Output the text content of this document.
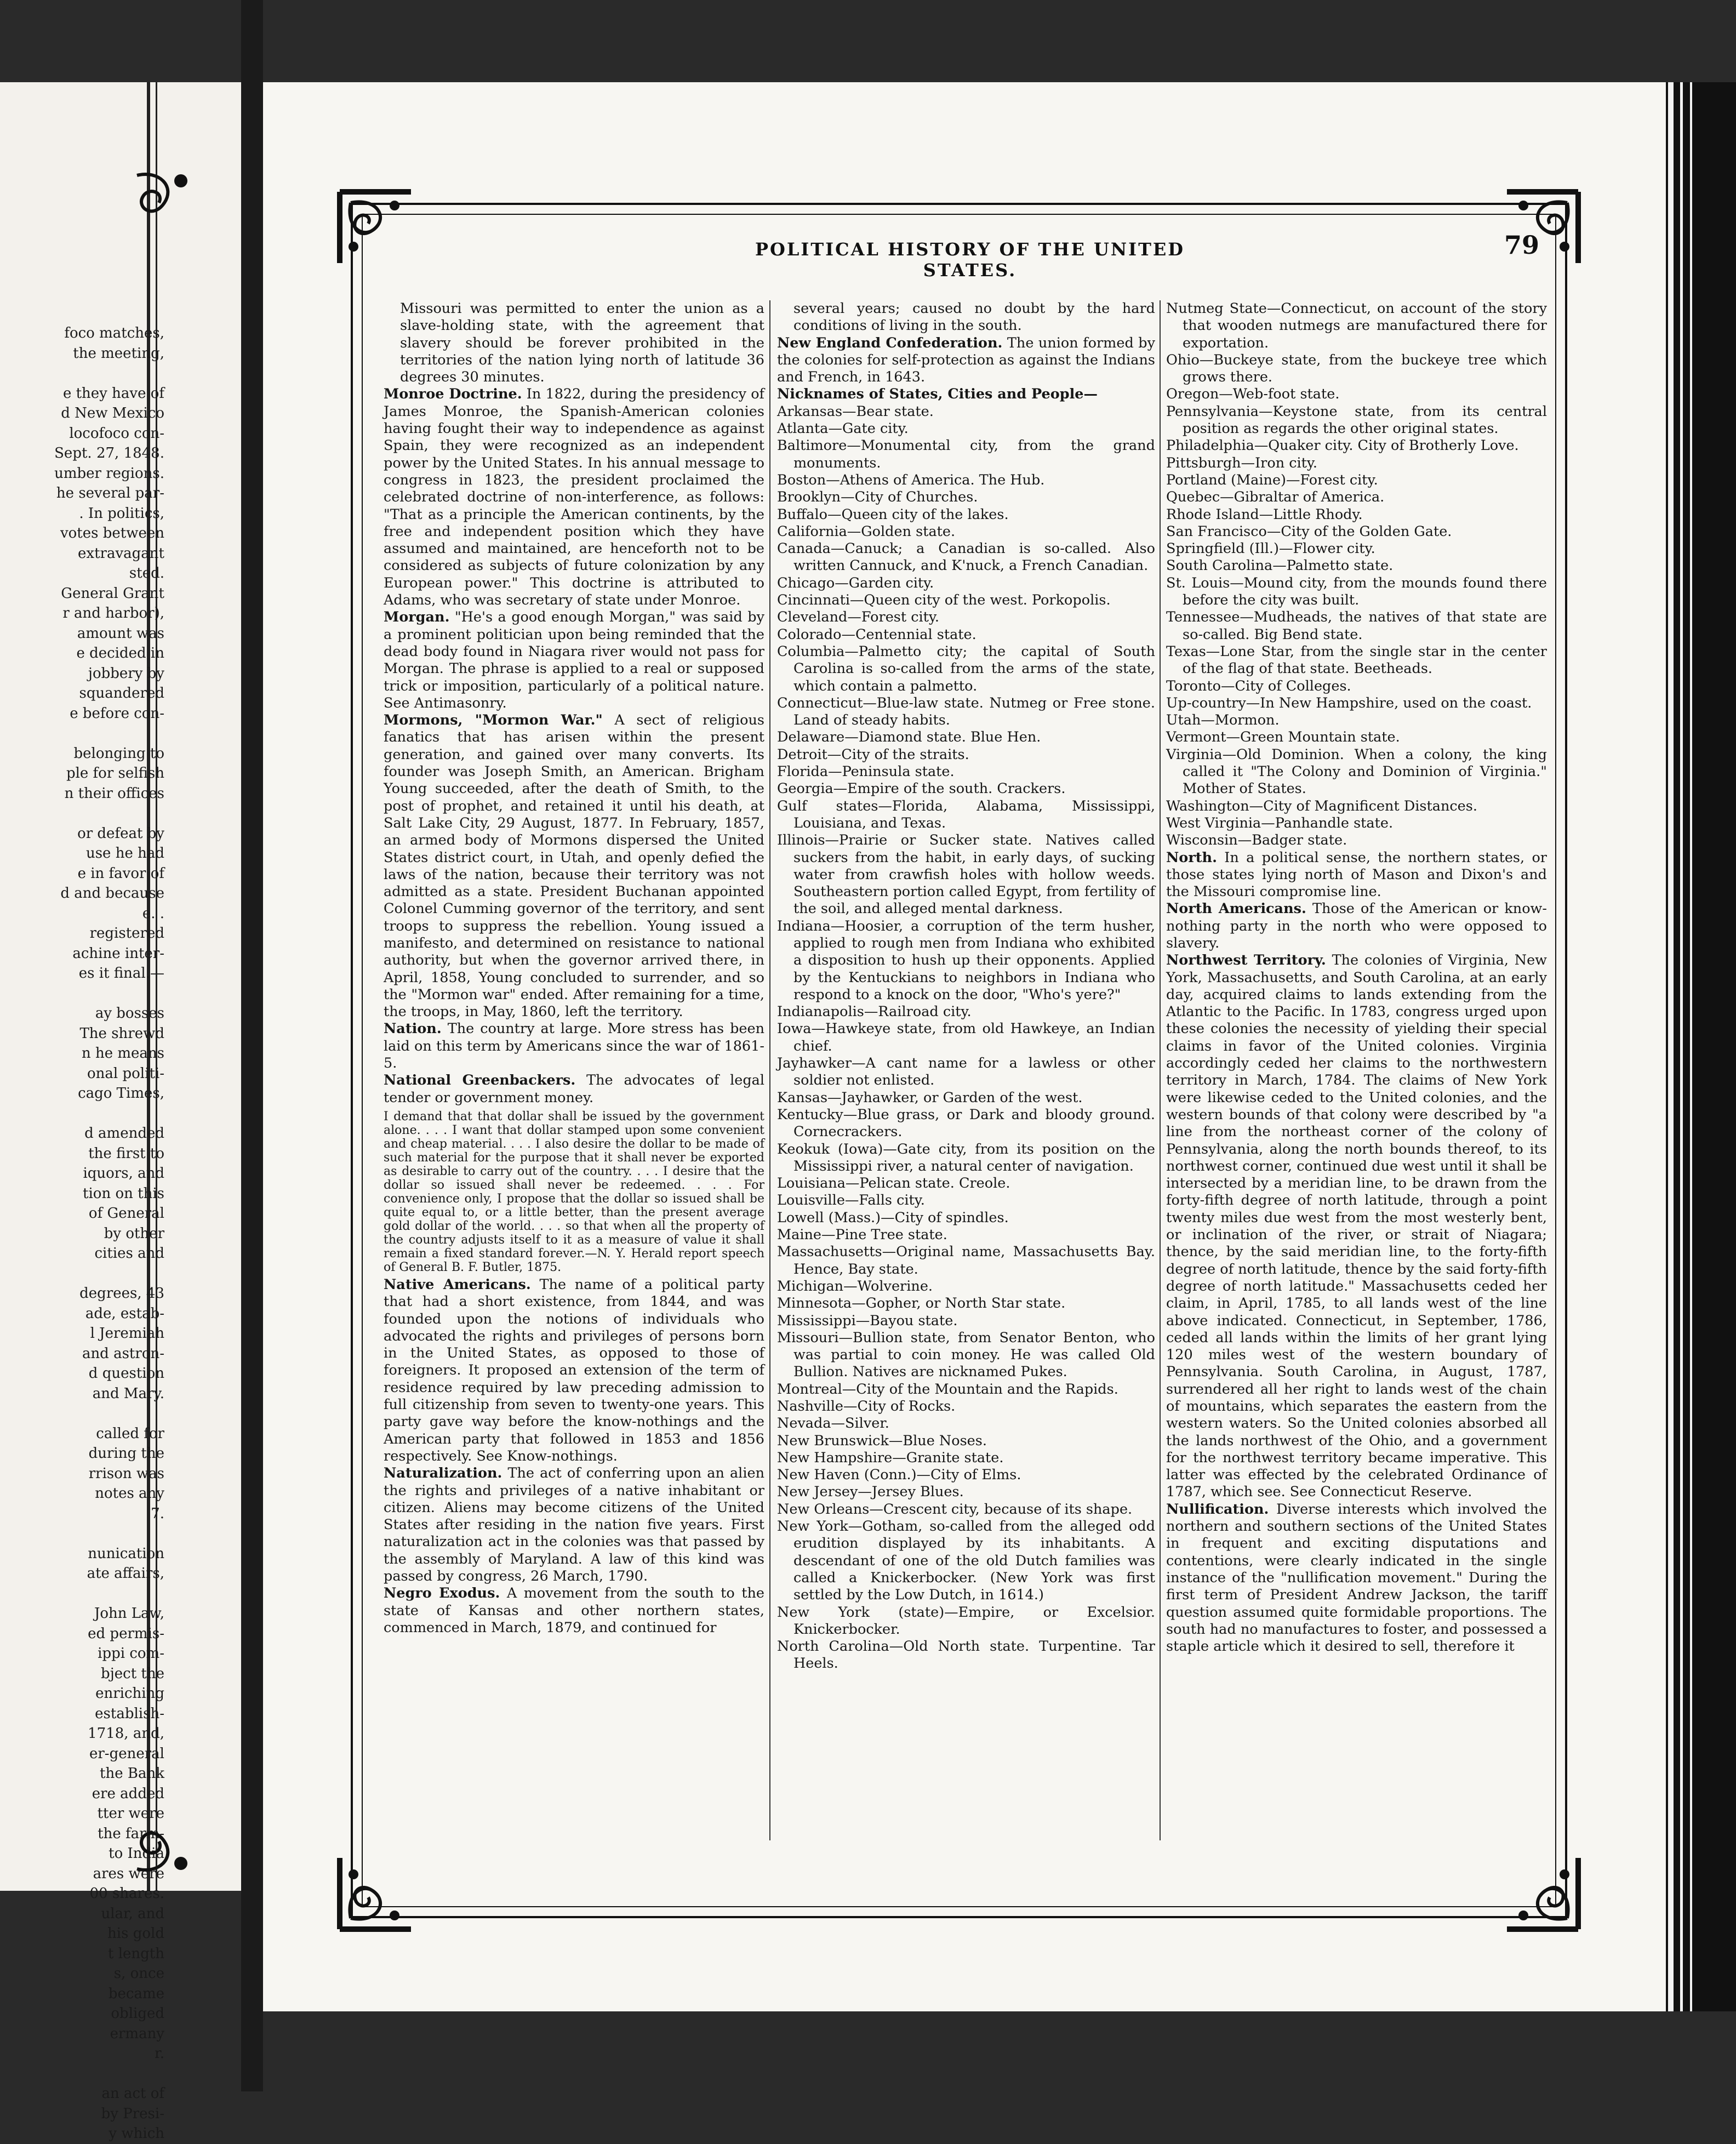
foco matches,
the meeting,

e they have of
d New Mexico
locofoco con-
Sept. 27, 1848.
umber regions.
he several par-
. In politics,
votes between
extravagant
sted.
General Grant
r and harbor),
amount was
e decided in
jobbery by
squandered
e before con-

belonging to
ple for selfish
n their offices

or defeat by
use he had
e in favor of
d and because
e. .
registered
achine inter-
es it final.—

ay bosses
The shrewd
n he means
onal politi-
cago Times,

d amended
the first to
iquors, and
tion on this
of General
by other
cities and

degrees, 43
ade, estab-
l Jeremiah
and astron-
d question
and Mary.

called for
during the
rrison was
notes any
7.

nunication
ate affairs,

John Law,
ed permis-
ippi com-
bject the
enriching
establish-
1718, and,
er-general
the Bank
ere added
tter were
the farm-
to India
ares were
00 shares.
ular, and
his gold
t length
s, once
became
obliged
ermany
r.

an act of
by Presi-
y which
POLITICAL HISTORY OF THE UNITED STATES.
79

Missouri was permitted to enter the union as a slave-holding state, with the agreement that slavery should be forever prohibited in the territories of the nation lying north of latitude 36 degrees 30 minutes.

Monroe Doctrine. In 1822, during the presidency of James Monroe, the Spanish-American colonies having fought their way to independence as against Spain, they were recognized as an independent power by the United States. In his annual message to congress in 1823, the president proclaimed the celebrated doctrine of non-interference, as follows: "That as a principle the American continents, by the free and independent position which they have assumed and maintained, are henceforth not to be considered as subjects of future colonization by any European power." This doctrine is attributed to Adams, who was secretary of state under Monroe.

Morgan. "He's a good enough Morgan," was said by a prominent politician upon being reminded that the dead body found in Niagara river would not pass for Morgan. The phrase is applied to a real or supposed trick or imposition, particularly of a political nature. See Antimasonry.

Mormons, "Mormon War." A sect of religious fanatics that has arisen within the present generation, and gained over many converts. Its founder was Joseph Smith, an American. Brigham Young succeeded, after the death of Smith, to the post of prophet, and retained it until his death, at Salt Lake City, 29 August, 1877. In February, 1857, an armed body of Mormons dispersed the United States district court, in Utah, and openly defied the laws of the nation, because their territory was not admitted as a state. President Buchanan appointed Colonel Cumming governor of the territory, and sent troops to suppress the rebellion. Young issued a manifesto, and determined on resistance to national authority, but when the governor arrived there, in April, 1858, Young concluded to surrender, and so the "Mormon war" ended. After remaining for a time, the troops, in May, 1860, left the territory.

Nation. The country at large. More stress has been laid on this term by Americans since the war of 1861-5.

National Greenbackers. The advocates of legal tender or government money.

I demand that that dollar shall be issued by the government alone. . . . I want that dollar stamped upon some convenient and cheap material. . . . I also desire the dollar to be made of such material for the purpose that it shall never be exported as desirable to carry out of the country. . . . I desire that the dollar so issued shall never be redeemed. . . . For convenience only, I propose that the dollar so issued shall be quite equal to, or a little better, than the present average gold dollar of the world. . . . so that when all the property of the country adjusts itself to it as a measure of value it shall remain a fixed standard forever.—N. Y. Herald report speech of General B. F. Butler, 1875.

Native Americans. The name of a political party that had a short existence, from 1844, and was founded upon the notions of individuals who advocated the rights and privileges of persons born in the United States, as opposed to those of foreigners. It proposed an extension of the term of residence required by law preceding admission to full citizenship from seven to twenty-one years. This party gave way before the know-nothings and the American party that followed in 1853 and 1856 respectively. See Know-nothings.

Naturalization. The act of conferring upon an alien the rights and privileges of a native inhabitant or citizen. Aliens may become citizens of the United States after residing in the nation five years. First naturalization act in the colonies was that passed by the assembly of Maryland. A law of this kind was passed by congress, 26 March, 1790.

Negro Exodus. A movement from the south to the state of Kansas and other northern states, commenced in March, 1879, and continued for

several years; caused no doubt by the hard conditions of living in the south.

New England Confederation. The union formed by the colonies for self-protection as against the Indians and French, in 1643.

Nicknames of States, Cities and People—

Arkansas—Bear state.

Atlanta—Gate city.

Baltimore—Monumental city, from the grand monuments.

Boston—Athens of America. The Hub.

Brooklyn—City of Churches.

Buffalo—Queen city of the lakes.

California—Golden state.

Canada—Canuck; a Canadian is so-called. Also written Cannuck, and K'nuck, a French Canadian.

Chicago—Garden city.

Cincinnati—Queen city of the west. Porkopolis.

Cleveland—Forest city.

Colorado—Centennial state.

Columbia—Palmetto city; the capital of South Carolina is so-called from the arms of the state, which contain a palmetto.

Connecticut—Blue-law state. Nutmeg or Free stone. Land of steady habits.

Delaware—Diamond state. Blue Hen.

Detroit—City of the straits.

Florida—Peninsula state.

Georgia—Empire of the south. Crackers.

Gulf states—Florida, Alabama, Mississippi, Louisiana, and Texas.

Illinois—Prairie or Sucker state. Natives called suckers from the habit, in early days, of sucking water from crawfish holes with hollow weeds. Southeastern portion called Egypt, from fertility of the soil, and alleged mental darkness.

Indiana—Hoosier, a corruption of the term husher, applied to rough men from Indiana who exhibited a disposition to hush up their opponents. Applied by the Kentuckians to neighbors in Indiana who respond to a knock on the door, "Who's yere?"

Indianapolis—Railroad city.

Iowa—Hawkeye state, from old Hawkeye, an Indian chief.

Jayhawker—A cant name for a lawless or other soldier not enlisted.

Kansas—Jayhawker, or Garden of the west.

Kentucky—Blue grass, or Dark and bloody ground. Cornecrackers.

Keokuk (Iowa)—Gate city, from its position on the Mississippi river, a natural center of navigation.

Louisiana—Pelican state. Creole.

Louisville—Falls city.

Lowell (Mass.)—City of spindles.

Maine—Pine Tree state.

Massachusetts—Original name, Massachusetts Bay. Hence, Bay state.

Michigan—Wolverine.

Minnesota—Gopher, or North Star state.

Mississippi—Bayou state.

Missouri—Bullion state, from Senator Benton, who was partial to coin money. He was called Old Bullion. Natives are nicknamed Pukes.

Montreal—City of the Mountain and the Rapids.

Nashville—City of Rocks.

Nevada—Silver.

New Brunswick—Blue Noses.

New Hampshire—Granite state.

New Haven (Conn.)—City of Elms.

New Jersey—Jersey Blues.

New Orleans—Crescent city, because of its shape.

New York—Gotham, so-called from the alleged odd erudition displayed by its inhabitants. A descendant of one of the old Dutch families was called a Knickerbocker. (New York was first settled by the Low Dutch, in 1614.)

New York (state)—Empire, or Excelsior. Knickerbocker.

North Carolina—Old North state. Turpentine. Tar Heels.

Nutmeg State—Connecticut, on account of the story that wooden nutmegs are manufactured there for exportation.

Ohio—Buckeye state, from the buckeye tree which grows there.

Oregon—Web-foot state.

Pennsylvania—Keystone state, from its central position as regards the other original states.

Philadelphia—Quaker city. City of Brotherly Love.

Pittsburgh—Iron city.

Portland (Maine)—Forest city.

Quebec—Gibraltar of America.

Rhode Island—Little Rhody.

San Francisco—City of the Golden Gate.

Springfield (Ill.)—Flower city.

South Carolina—Palmetto state.

St. Louis—Mound city, from the mounds found there before the city was built.

Tennessee—Mudheads, the natives of that state are so-called. Big Bend state.

Texas—Lone Star, from the single star in the center of the flag of that state. Beetheads.

Toronto—City of Colleges.

Up-country—In New Hampshire, used on the coast.

Utah—Mormon.

Vermont—Green Mountain state.

Virginia—Old Dominion. When a colony, the king called it "The Colony and Dominion of Virginia." Mother of States.

Washington—City of Magnificent Distances.

West Virginia—Panhandle state.

Wisconsin—Badger state.

North. In a political sense, the northern states, or those states lying north of Mason and Dixon's and the Missouri compromise line.

North Americans. Those of the American or know-nothing party in the north who were opposed to slavery.

Northwest Territory. The colonies of Virginia, New York, Massachusetts, and South Carolina, at an early day, acquired claims to lands extending from the Atlantic to the Pacific. In 1783, congress urged upon these colonies the necessity of yielding their special claims in favor of the United colonies. Virginia accordingly ceded her claims to the northwestern territory in March, 1784. The claims of New York were likewise ceded to the United colonies, and the western bounds of that colony were described by "a line from the northeast corner of the colony of Pennsylvania, along the north bounds thereof, to its northwest corner, continued due west until it shall be intersected by a meridian line, to be drawn from the forty-fifth degree of north latitude, through a point twenty miles due west from the most westerly bent, or inclination of the river, or strait of Niagara; thence, by the said meridian line, to the forty-fifth degree of north latitude, thence by the said forty-fifth degree of north latitude." Massachusetts ceded her claim, in April, 1785, to all lands west of the line above indicated. Connecticut, in September, 1786, ceded all lands within the limits of her grant lying 120 miles west of the western boundary of Pennsylvania. South Carolina, in August, 1787, surrendered all her right to lands west of the chain of mountains, which separates the eastern from the western waters. So the United colonies absorbed all the lands northwest of the Ohio, and a government for the northwest territory became imperative. This latter was effected by the celebrated Ordinance of 1787, which see. See Connecticut Reserve.

Nullification. Diverse interests which involved the northern and southern sections of the United States in frequent and exciting disputations and contentions, were clearly indicated in the single instance of the "nullification movement." During the first term of President Andrew Jackson, the tariff question assumed quite formidable proportions. The south had no manufactures to foster, and possessed a staple article which it desired to sell, therefore it
